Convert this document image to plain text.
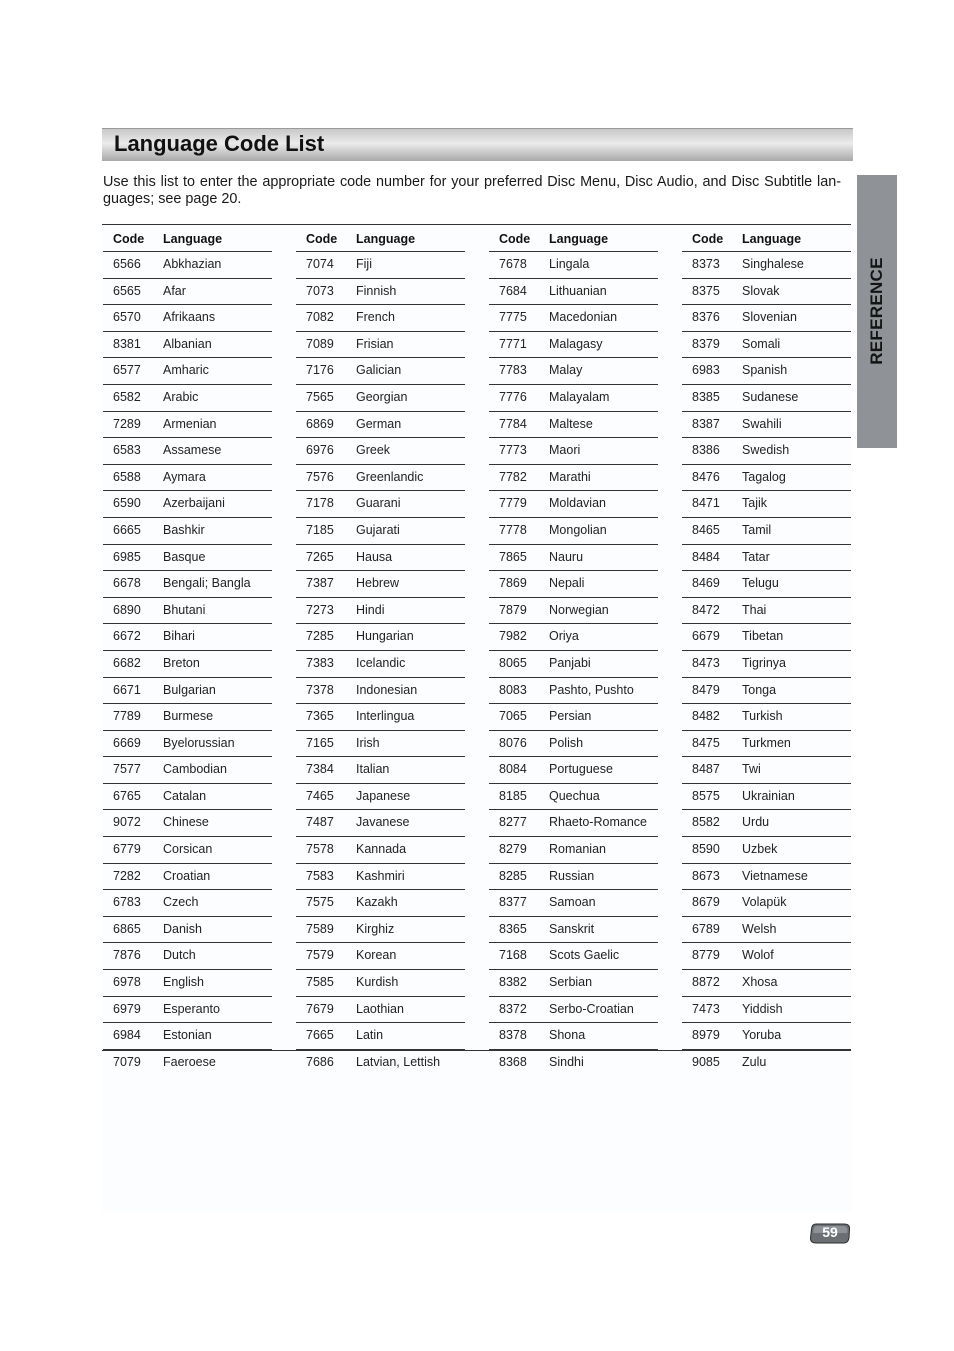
Language Code List
Use this list to enter the appropriate code number for your preferred Disc Menu, Disc Audio, and Disc Subtitle lan- guages; see page 20.
REFERENCE
Code Language
6566 Abkhazian
6565 Afar
6570 Afrikaans
8381 Albanian
6577 Amharic
6582 Arabic
7289 Armenian
6583 Assamese
6588 Aymara
6590 Azerbaijani
6665 Bashkir
6985 Basque
6678 Bengali; Bangla
6890 Bhutani
6672 Bihari
6682 Breton
6671 Bulgarian
7789 Burmese
6669 Byelorussian
7577 Cambodian
6765 Catalan
9072 Chinese
6779 Corsican
7282 Croatian
6783 Czech
6865 Danish
7876 Dutch
6978 English
6979 Esperanto
6984 Estonian
7079 Faeroese
Code Language
7074 Fiji
7073 Finnish
7082 French
7089 Frisian
7176 Galician
7565 Georgian
6869 German
6976 Greek
7576 Greenlandic
7178 Guarani
7185 Gujarati
7265 Hausa
7387 Hebrew
7273 Hindi
7285 Hungarian
7383 Icelandic
7378 Indonesian
7365 Interlingua
7165 Irish
7384 Italian
7465 Japanese
7487 Javanese
7578 Kannada
7583 Kashmiri
7575 Kazakh
7589 Kirghiz
7579 Korean
7585 Kurdish
7679 Laothian
7665 Latin
7686 Latvian, Lettish
Code Language
7678 Lingala
7684 Lithuanian
7775 Macedonian
7771 Malagasy
7783 Malay
7776 Malayalam
7784 Maltese
7773 Maori
7782 Marathi
7779 Moldavian
7778 Mongolian
7865 Nauru
7869 Nepali
7879 Norwegian
7982 Oriya
8065 Panjabi
8083 Pashto, Pushto
7065 Persian
8076 Polish
8084 Portuguese
8185 Quechua
8277 Rhaeto-Romance
8279 Romanian
8285 Russian
8377 Samoan
8365 Sanskrit
7168 Scots Gaelic
8382 Serbian
8372 Serbo-Croatian
8378 Shona
8368 Sindhi
Code Language
8373 Singhalese
8375 Slovak
8376 Slovenian
8379 Somali
6983 Spanish
8385 Sudanese
8387 Swahili
8386 Swedish
8476 Tagalog
8471 Tajik
8465 Tamil
8484 Tatar
8469 Telugu
8472 Thai
6679 Tibetan
8473 Tigrinya
8479 Tonga
8482 Turkish
8475 Turkmen
8487 Twi
8575 Ukrainian
8582 Urdu
8590 Uzbek
8673 Vietnamese
8679 Volapük
6789 Welsh
8779 Wolof
8872 Xhosa
7473 Yiddish
8979 Yoruba
9085 Zulu
59
